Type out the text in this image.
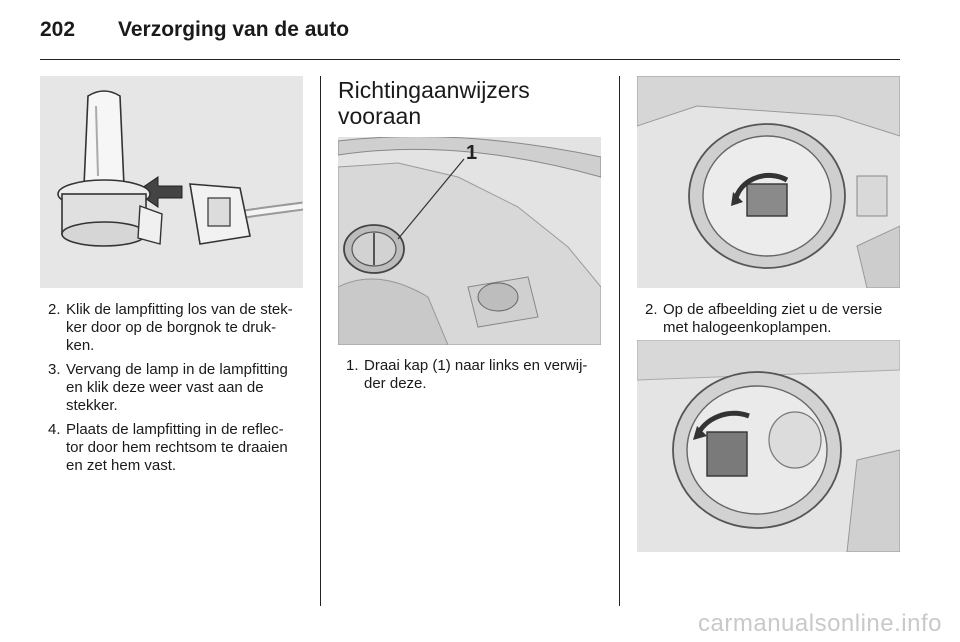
202 Verzorging van de auto
2. Klik de lampfitting los van de stek-
ker door op de borgnok te druk-
ken.
3. Vervang de lamp in de lampfitting
en klik deze weer vast aan de
stekker.
4. Plaats de lampfitting in de reflec-
tor door hem rechtsom te draaien
en zet hem vast.
Richtingaanwijzers
vooraan
1
1. Draai kap (1) naar links en verwij-
der deze.
2. Op de afbeelding ziet u de versie
met halogeenkoplampen.
carmanualsonline.info
